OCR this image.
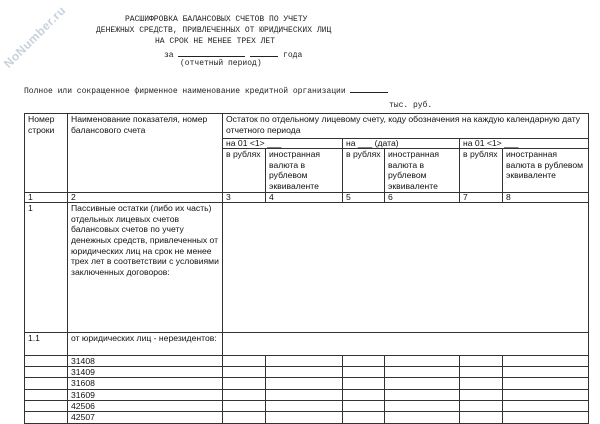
NoNumber.ru	РАСШИФРОВКА БАЛАНСОВЫХ СЧЕТОВ ПО УЧЕТУ
ДЕНЕЖНЫХ СРЕДСТВ, ПРИВЛЕЧЕННЫХ ОТ ЮРИДИЧЕСКИХ ЛИЦ
НА СРОК НЕ МЕНЕЕ ТРЕХ ЛЕТ
за	года
(отчетный период)
Полное или сокращенное фирменное наименование кредитной организации
тыс. руб.
Номер строки	Наименование показателя, номер балансового счета	Остаток по отдельному лицевому счету, коду обозначения на каждую календарную дату отчетного периода					
		на 01 <1> ___		на ___ (дата)		на 01 <1> ___	
		в рублях	иностранная валюта в рублевом эквиваленте	в рублях	иностранная валюта в рублевом эквиваленте	в рублях	иностранная валюта в рублевом эквиваленте
1	2	3	4	5	6	7	8
1	Пассивные остатки (либо их часть) отдельных лицевых счетов балансовых счетов по учету денежных средств, привлеченных от юридических лиц на срок не менее трех лет в соответствии с условиями заключенных договоров:						
1.1	от юридических лиц - нерезидентов:						
	31408						
	31409						
	31608						
	31609						
	42506						
	42507						
